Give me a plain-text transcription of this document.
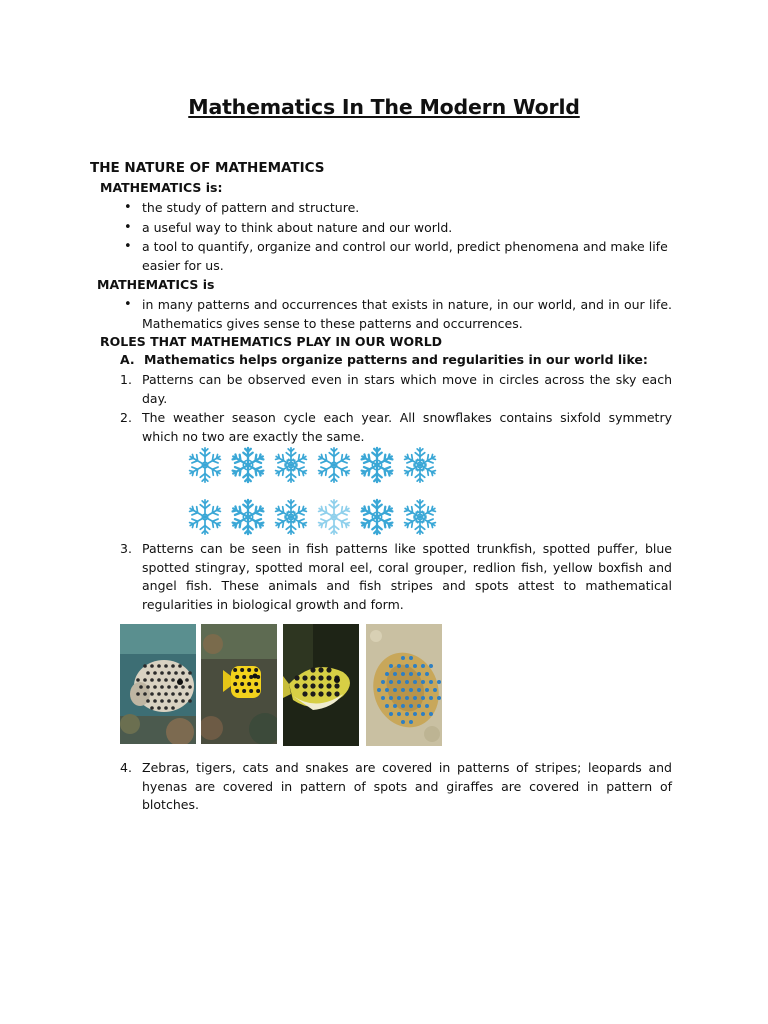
Mathematics In The Modern World
THE NATURE OF MATHEMATICS
MATHEMATICS is:
• the study of pattern and structure.
• a useful way to think about nature and our world.
• a tool to quantify, organize and control our world, predict phenomena and make life easier for us.
MATHEMATICS is
• in many patterns and occurrences that exists in nature, in our world, and in our life. Mathematics gives sense to these patterns and occurrences.
ROLES THAT MATHEMATICS PLAY IN OUR WORLD
A. Mathematics helps organize patterns and regularities in our world like:
1. Patterns can be observed even in stars which move in circles across the sky each day.
2. The weather season cycle each year. All snowflakes contains sixfold symmetry which no two are exactly the same.
3. Patterns can be seen in fish patterns like spotted trunkfish, spotted puffer, blue spotted stingray, spotted moral eel, coral grouper, redlion fish, yellow boxfish and angel fish. These animals and fish stripes and spots attest to mathematical regularities in biological growth and form.
4. Zebras, tigers, cats and snakes are covered in patterns of stripes; leopards and hyenas are covered in pattern of spots and giraffes are covered in pattern of blotches.
